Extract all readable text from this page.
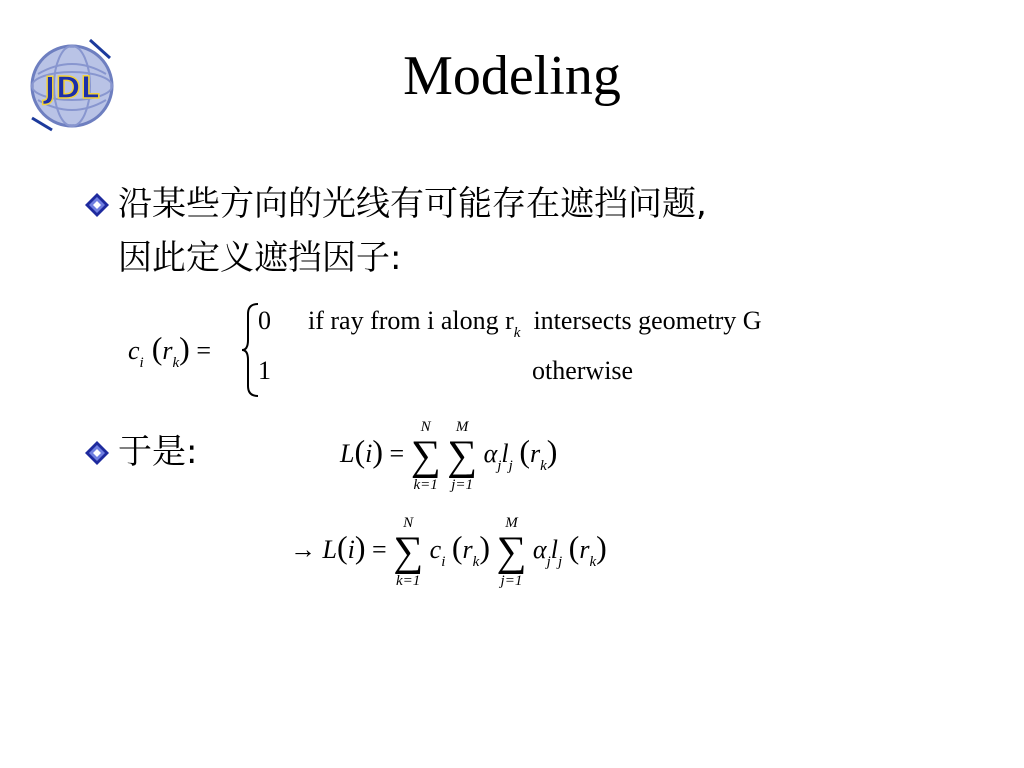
JDL	Modeling
沿某些方向的光线有可能存在遮挡问题,
因此定义遮挡因子:
$c_i$ $(r_k)$ =
0 if ray from i along $r_k$ intersects geometry G
1	otherwise
于是:	L(i) =
N
∑
k=1

M
∑
j=1
$\alpha_jl_j$ $(r_k)$
→ L(i) =
N
∑
k=1
$c_i$ $(r_k)$
M
∑
j=1
$\alpha_jl_j$ $(r_k)$
